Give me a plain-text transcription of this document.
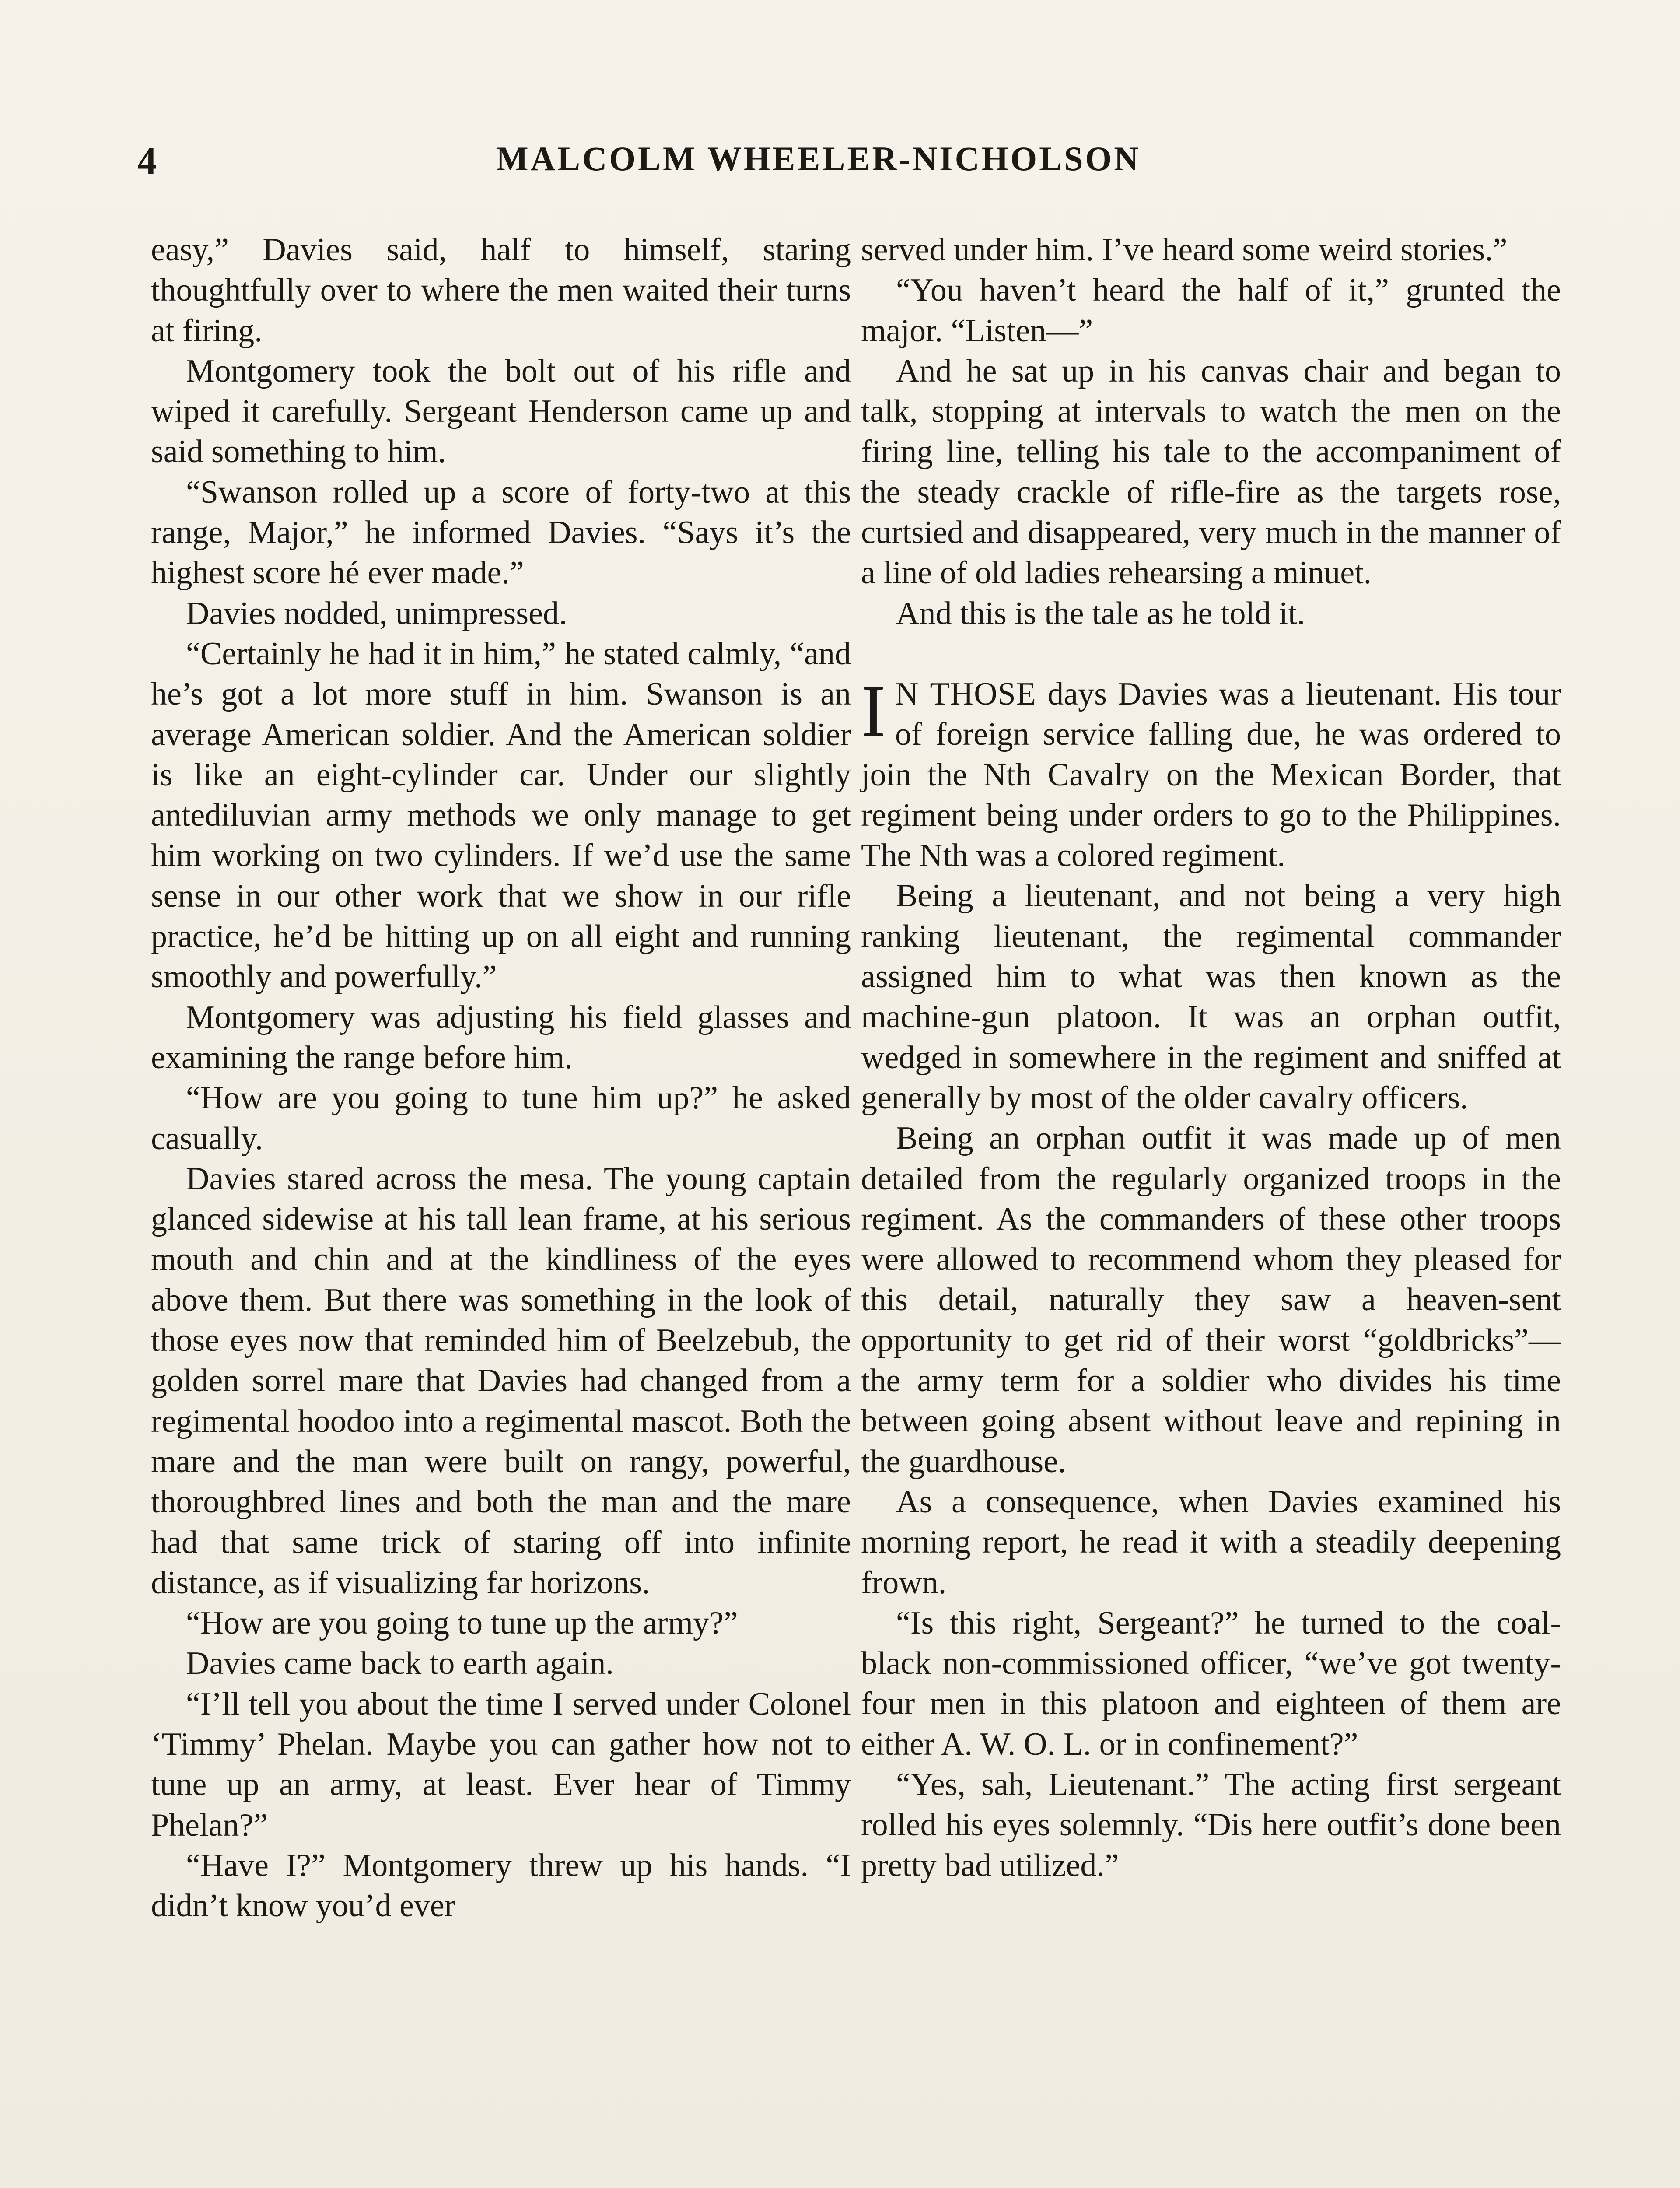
4	MALCOLM WHEELER-NICHOLSON

easy,” Davies said, half to himself, staring thoughtfully over to where the men waited their turns at firing.

Montgomery took the bolt out of his rifle and wiped it carefully. Sergeant Henderson came up and said something to him.

“Swanson rolled up a score of forty-two at this range, Major,” he informed Davies. “Says it’s the highest score hé ever made.”

Davies nodded, unimpressed.

“Certainly he had it in him,” he stated calmly, “and he’s got a lot more stuff in him. Swanson is an average American soldier. And the American soldier is like an eight-cylinder car. Under our slightly antediluvian army methods we only manage to get him working on two cylinders. If we’d use the same sense in our other work that we show in our rifle practice, he’d be hitting up on all eight and running smoothly and powerfully.”

Montgomery was adjusting his field glasses and examining the range before him.

“How are you going to tune him up?” he asked casually.

Davies stared across the mesa. The young captain glanced sidewise at his tall lean frame, at his serious mouth and chin and at the kindliness of the eyes above them. But there was something in the look of those eyes now that reminded him of Beelzebub, the golden sorrel mare that Davies had changed from a regimental hoodoo into a regimental mascot. Both the mare and the man were built on rangy, powerful, thoroughbred lines and both the man and the mare had that same trick of staring off into infinite distance, as if visualizing far horizons.

“How are you going to tune up the army?”

Davies came back to earth again.

“I’ll tell you about the time I served under Colonel ‘Timmy’ Phelan. Maybe you can gather how not to tune up an army, at least. Ever hear of Timmy Phelan?”

“Have I?” Montgomery threw up his hands. “I didn’t know you’d ever

served under him. I’ve heard some weird stories.”

“You haven’t heard the half of it,” grunted the major. “Listen—”

And he sat up in his canvas chair and began to talk, stopping at intervals to watch the men on the firing line, telling his tale to the accompaniment of the steady crackle of rifle-fire as the targets rose, curtsied and disappeared, very much in the manner of a line of old ladies rehearsing a minuet.

And this is the tale as he told it.

I N THOSE days Davies was a lieutenant. His tour of foreign service falling due, he was ordered to join the Nth Cavalry on the Mexican Border, that regiment being under orders to go to the Philippines. The Nth was a colored regiment.

Being a lieutenant, and not being a very high ranking lieutenant, the regimental commander assigned him to what was then known as the machine-gun platoon. It was an orphan outfit, wedged in somewhere in the regiment and sniffed at generally by most of the older cavalry officers.

Being an orphan outfit it was made up of men detailed from the regularly organized troops in the regiment. As the commanders of these other troops were allowed to recommend whom they pleased for this detail, naturally they saw a heaven-sent opportunity to get rid of their worst “goldbricks”—the army term for a soldier who divides his time between going absent without leave and repining in the guardhouse.

As a consequence, when Davies examined his morning report, he read it with a steadily deepening frown.

“Is this right, Sergeant?” he turned to the coal-black non-commissioned officer, “we’ve got twenty-four men in this platoon and eighteen of them are either A. W. O. L. or in confinement?”

“Yes, sah, Lieutenant.” The acting first sergeant rolled his eyes solemnly. “Dis here outfit’s done been pretty bad utilized.”
